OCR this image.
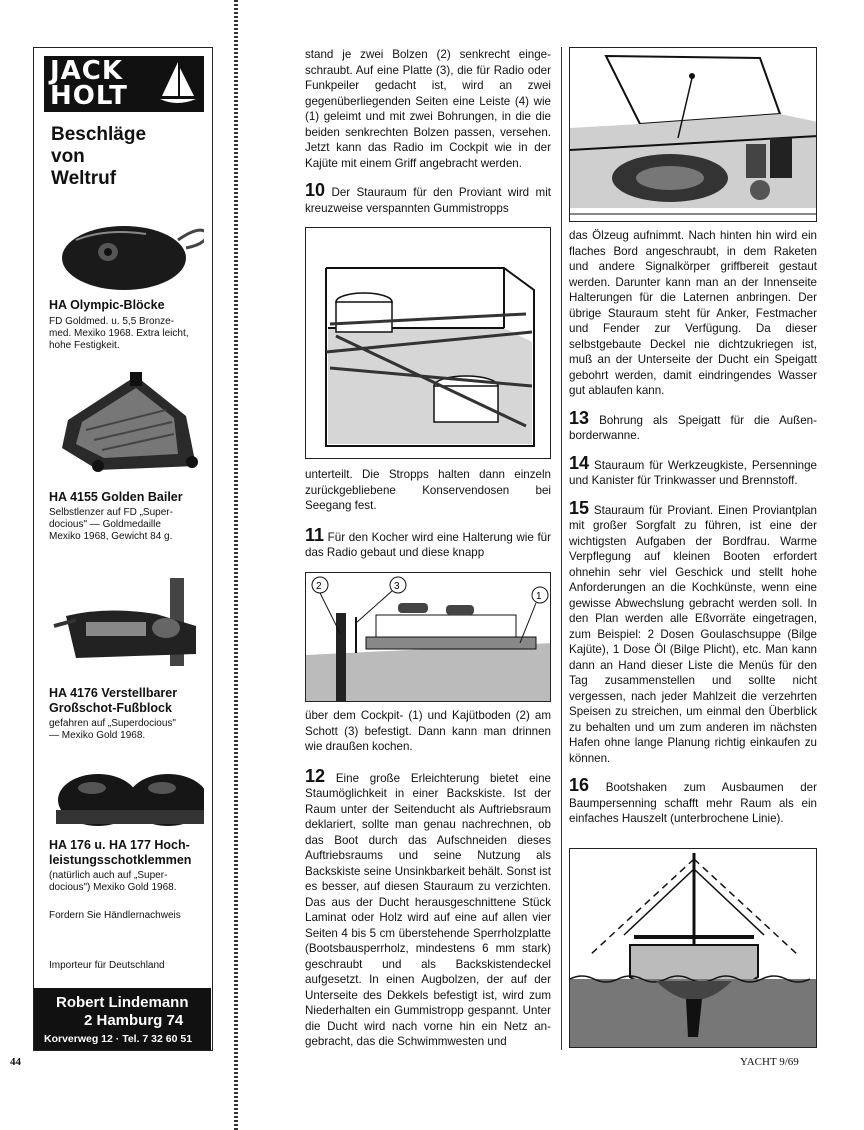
JACK
HOLT
Beschläge
von
Weltruf
HA Olympic-Blöcke
FD Goldmed. u. 5,5 Bronze-
med. Mexiko 1968. Extra leicht,
hohe Festigkeit.
HA 4155 Golden Bailer
Selbstlenzer auf FD „Super-
docious" — Goldmedaille
Mexiko 1968, Gewicht 84 g.
HA 4176 Verstellbarer
Großschot-Fußblock
gefahren auf „Superdocious"
— Mexiko Gold 1968.
HA 176 u. HA 177 Hoch-
leistungsschotklemmen
(natürlich auch auf „Super-
docious") Mexiko Gold 1968.
Fordern Sie Händlernachweis
Importeur für Deutschland
Robert Lindemann
2 Hamburg 74
Korverweg 12 · Tel. 7 32 60 51
44

stand je zwei Bolzen (2) senkrecht eingeschraubt. Auf eine Platte (3), die für Radio oder Funkpeiler gedacht ist, wird an zwei gegenüberliegenden Seiten eine Leiste (4) wie (1) geleimt und mit zwei Bohrungen, in die die beiden senkrechten Bolzen passen, versehen. Jetzt kann das Radio im Cockpit wie in der Kajüte mit einem Griff angebracht werden.

10 Der Stauraum für den Proviant wird mit kreuzweise verspannten Gummistropps

unterteilt. Die Stropps halten dann einzeln zurückgebliebene Konservendosen bei Seegang fest.

11 Für den Kocher wird eine Halterung wie für das Radio gebaut und diese knapp

2	3
1

über dem Cockpit- (1) und Kajütboden (2) am Schott (3) befestigt. Dann kann man drinnen wie draußen kochen.

12 Eine große Erleichterung bietet eine Staumöglichkeit in einer Backskiste. Ist der Raum unter der Seitenducht als Auftriebsraum deklariert, sollte man genau nachrechnen, ob das Boot durch das Aufschneiden dieses Auftriebsraums und seine Nutzung als Backskiste seine Unsinkbarkeit behält. Sonst ist es besser, auf diesen Stauraum zu verzichten. Das aus der Ducht herausgeschnittene Stück Laminat oder Holz wird auf eine auf allen vier Seiten 4 bis 5 cm überstehende Sperrholzplatte (Bootsbausperrholz, mindestens 6 mm stark) geschraubt und als Backskistendeckel aufgesetzt. In einen Augbolzen, der auf der Unterseite des Dekkels befestigt ist, wird zum Niederhalten ein Gummistropp gespannt. Unter die Ducht wird nach vorne hin ein Netz angebracht, das die Schwimmwesten und

das Ölzeug aufnimmt. Nach hinten hin wird ein flaches Bord angeschraubt, in dem Raketen und andere Signalkörper griffbereit gestaut werden. Darunter kann man an der Innenseite Halterungen für die Laternen anbringen. Der übrige Stauraum steht für Anker, Festmacher und Fender zur Verfügung. Da dieser selbstgebaute Deckel nie dichtzukriegen ist, muß an der Unterseite der Ducht ein Speigatt gebohrt werden, damit eindringendes Wasser gut ablaufen kann.

13 Bohrung als Speigatt für die Außenborderwanne.

14 Stauraum für Werkzeugkiste, Persenninge und Kanister für Trinkwasser und Brennstoff.

15 Stauraum für Proviant. Einen Proviantplan mit großer Sorgfalt zu führen, ist eine der wichtigsten Aufgaben der Bordfrau. Warme Verpflegung auf kleinen Booten erfordert ohnehin sehr viel Geschick und stellt hohe Anforderungen an die Kochkünste, wenn eine gewisse Abwechslung gebracht werden soll. In den Plan werden alle Eßvorräte eingetragen, zum Beispiel: 2 Dosen Goulaschsuppe (Bilge Kajüte), 1 Dose Öl (Bilge Plicht), etc. Man kann dann an Hand dieser Liste die Menüs für den Tag zusammenstellen und sollte nicht vergessen, nach jeder Mahlzeit die verzehrten Speisen zu streichen, um einmal den Überblick zu behalten und um zum anderen im nächsten Hafen ohne lange Planung richtig einkaufen zu können.

16 Bootshaken zum Ausbaumen der Baumpersenning schafft mehr Raum als ein einfaches Hauszelt (unterbrochene Linie).

YACHT 9/69
